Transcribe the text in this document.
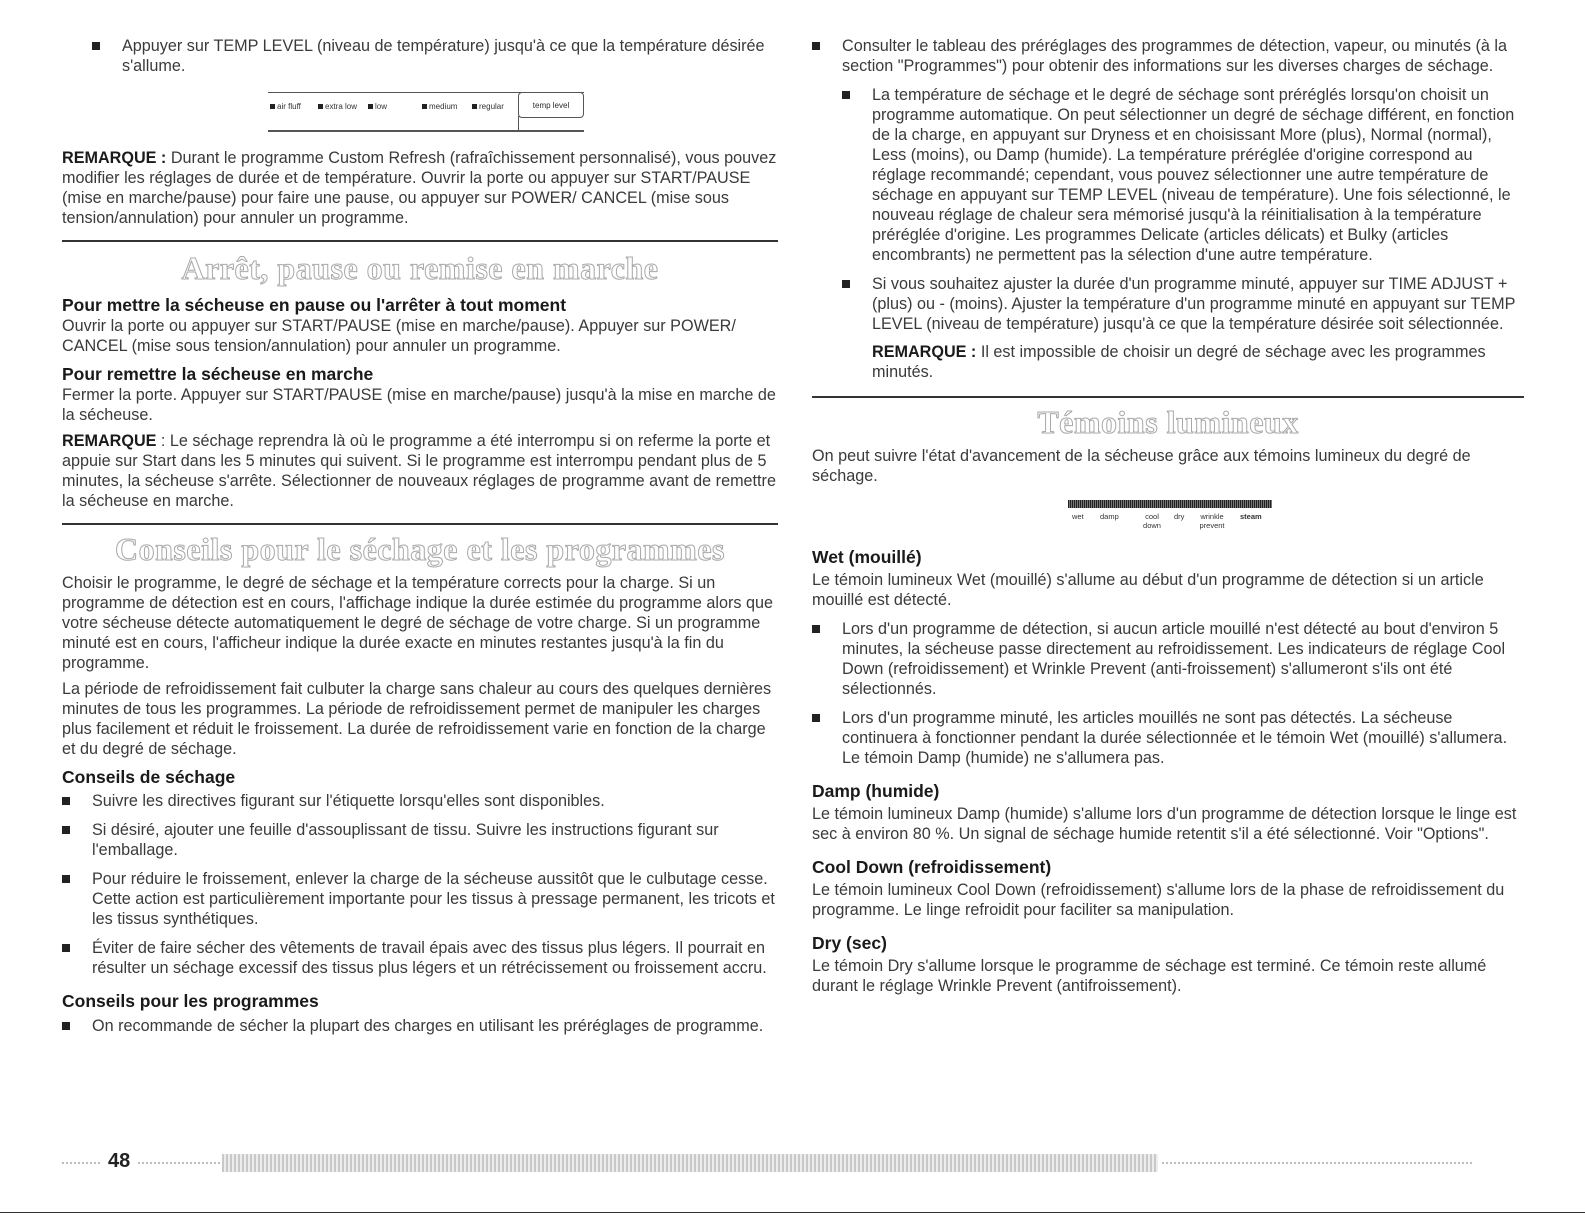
Appuyer sur TEMP LEVEL (niveau de température) jusqu'à ce que la température désirée s'allume.
air fluff	extra low	low	medium	regular	temp level

REMARQUE : Durant le programme Custom Refresh (rafraîchissement personnalisé), vous pouvez modifier les réglages de durée et de température. Ouvrir la porte ou appuyer sur START/PAUSE (mise en marche/pause) pour faire une pause, ou appuyer sur POWER/ CANCEL (mise sous tension/annulation) pour annuler un programme.

Arrêt, pause ou remise en marche
Pour mettre la sécheuse en pause ou l'arrêter à tout moment

Ouvrir la porte ou appuyer sur START/PAUSE (mise en marche/pause). Appuyer sur POWER/ CANCEL (mise sous tension/annulation) pour annuler un programme.

Pour remettre la sécheuse en marche

Fermer la porte. Appuyer sur START/PAUSE (mise en marche/pause) jusqu'à la mise en marche de la sécheuse.

REMARQUE : Le séchage reprendra là où le programme a été interrompu si on referme la porte et appuie sur Start dans les 5 minutes qui suivent. Si le programme est interrompu pendant plus de 5 minutes, la sécheuse s'arrête. Sélectionner de nouveaux réglages de programme avant de remettre la sécheuse en marche.

Conseils pour le séchage et les programmes

Choisir le programme, le degré de séchage et la température corrects pour la charge. Si un programme de détection est en cours, l'affichage indique la durée estimée du programme alors que votre sécheuse détecte automatiquement le degré de séchage de votre charge. Si un programme minuté est en cours, l'afficheur indique la durée exacte en minutes restantes jusqu'à la fin du programme.

La période de refroidissement fait culbuter la charge sans chaleur au cours des quelques dernières minutes de tous les programmes. La période de refroidissement permet de manipuler les charges plus facilement et réduit le froissement. La durée de refroidissement varie en fonction de la charge et du degré de séchage.

Conseils de séchage
Suivre les directives figurant sur l'étiquette lorsqu'elles sont disponibles.
Si désiré, ajouter une feuille d'assouplissant de tissu. Suivre les instructions figurant sur l'emballage.
Pour réduire le froissement, enlever la charge de la sécheuse aussitôt que le culbutage cesse. Cette action est particulièrement importante pour les tissus à pressage permanent, les tricots et les tissus synthétiques.
Éviter de faire sécher des vêtements de travail épais avec des tissus plus légers. Il pourrait en résulter un séchage excessif des tissus plus légers et un rétrécissement ou froissement accru.
Conseils pour les programmes
On recommande de sécher la plupart des charges en utilisant les préréglages de programme.
Consulter le tableau des préréglages des programmes de détection, vapeur, ou minutés (à la section "Programmes") pour obtenir des informations sur les diverses charges de séchage.
La température de séchage et le degré de séchage sont préréglés lorsqu'on choisit un programme automatique. On peut sélectionner un degré de séchage différent, en fonction de la charge, en appuyant sur Dryness et en choisissant More (plus), Normal (normal), Less (moins), ou Damp (humide). La température préréglée d'origine correspond au réglage recommandé; cependant, vous pouvez sélectionner une autre température de séchage en appuyant sur TEMP LEVEL (niveau de température). Une fois sélectionné, le nouveau réglage de chaleur sera mémorisé jusqu'à la réinitialisation à la température préréglée d'origine. Les programmes Delicate (articles délicats) et Bulky (articles encombrants) ne permettent pas la sélection d'une autre température.
Si vous souhaitez ajuster la durée d'un programme minuté, appuyer sur TIME ADJUST + (plus) ou - (moins). Ajuster la température d'un programme minuté en appuyant sur TEMP LEVEL (niveau de température) jusqu'à ce que la température désirée soit sélectionnée.

REMARQUE : Il est impossible de choisir un degré de séchage avec les programmes minutés.

Témoins lumineux

On peut suivre l'état d'avancement de la sécheuse grâce aux témoins lumineux du degré de séchage.

wet damp	cool down
dry	wrinkle prevent
steam
Wet (mouillé)

Le témoin lumineux Wet (mouillé) s'allume au début d'un programme de détection si un article mouillé est détecté.

Lors d'un programme de détection, si aucun article mouillé n'est détecté au bout d'environ 5 minutes, la sécheuse passe directement au refroidissement. Les indicateurs de réglage Cool Down (refroidissement) et Wrinkle Prevent (anti-froissement) s'allumeront s'ils ont été sélectionnés.
Lors d'un programme minuté, les articles mouillés ne sont pas détectés. La sécheuse continuera à fonctionner pendant la durée sélectionnée et le témoin Wet (mouillé) s'allumera. Le témoin Damp (humide) ne s'allumera pas.
Damp (humide)

Le témoin lumineux Damp (humide) s'allume lors d'un programme de détection lorsque le linge est sec à environ 80 %. Un signal de séchage humide retentit s'il a été sélectionné. Voir "Options".

Cool Down (refroidissement)

Le témoin lumineux Cool Down (refroidissement) s'allume lors de la phase de refroidissement du programme. Le linge refroidit pour faciliter sa manipulation.

Dry (sec)

Le témoin Dry s'allume lorsque le programme de séchage est terminé. Ce témoin reste allumé durant le réglage Wrinkle Prevent (antifroissement).

48
